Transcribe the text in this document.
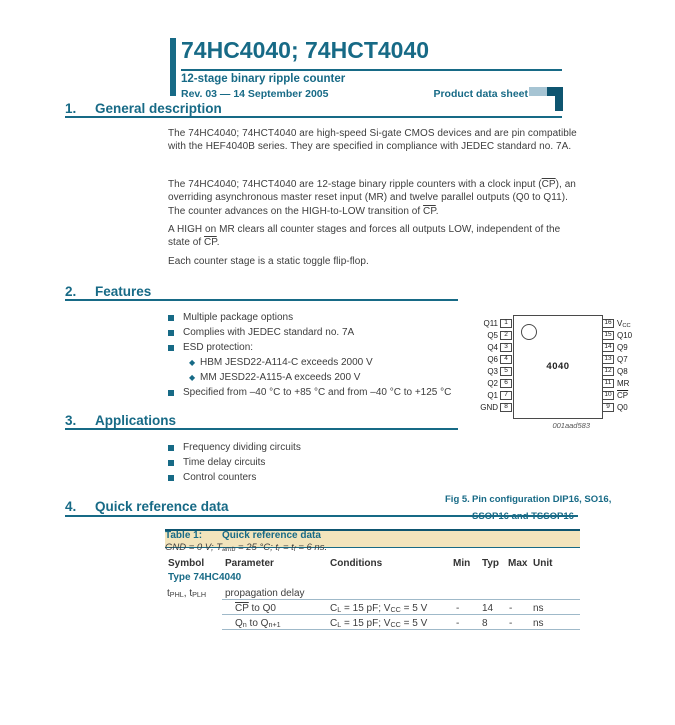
74HC4040; 74HCT4040
12-stage binary ripple counter
Rev. 03 — 14 September 2005	Product data sheet
1. General description
The 74HC4040; 74HCT4040 are high-speed Si-gate CMOS devices and are pin compatible with the HEF4040B series. They are specified in compliance with JEDEC standard no. 7A.
The 74HC4040; 74HCT4040 are 12-stage binary ripple counters with a clock input $(\overline{CP})$, an overriding asynchronous master reset input (MR) and twelve parallel outputs (Q0 to Q11). The counter advances on the HIGH-to-LOW transition of $\overline{CP}$.
A HIGH on MR clears all counter stages and forces all outputs LOW, independent of the state of $\overline{CP}$.
Each counter stage is a static toggle flip-flop.
2. Features
Multiple package options
Complies with JEDEC standard no. 7A
ESD protection:
◆ HBM JESD22-A114-C exceeds 2000 V
◆ MM JESD22-A115-A exceeds 200 V
Specified from –40 °C to +85 °C and from –40 °C to +125 °C
4040
Q11 1
Q5 2
Q4 3
Q6 4
Q3 5
Q2 6
Q1 7
GND 8
16 VCC
15 Q10
14 Q9
13 Q7
12 Q8
11 MR
10 $\overline{CP}$
9 Q0
001aad583
3. Applications
Frequency dividing circuits
Time delay circuits
Control counters
Fig 5. Pin configuration DIP16, SO16,
4. Quick reference data
Table 1: Quick reference data
GND = 0 V; Tamb = 25 °C; tr = tf = 6 ns.
Symbol Parameter	Conditions	Min Typ Max Unit
Type 74HC4040
tPHL, tPLH propagation delay
$\overline{CP}$ to Q0	CL = 15 pF; VCC = 5 V	- 14 - ns
Qn to Qn+1	CL = 15 pF; VCC = 5 V	- 8 - ns
